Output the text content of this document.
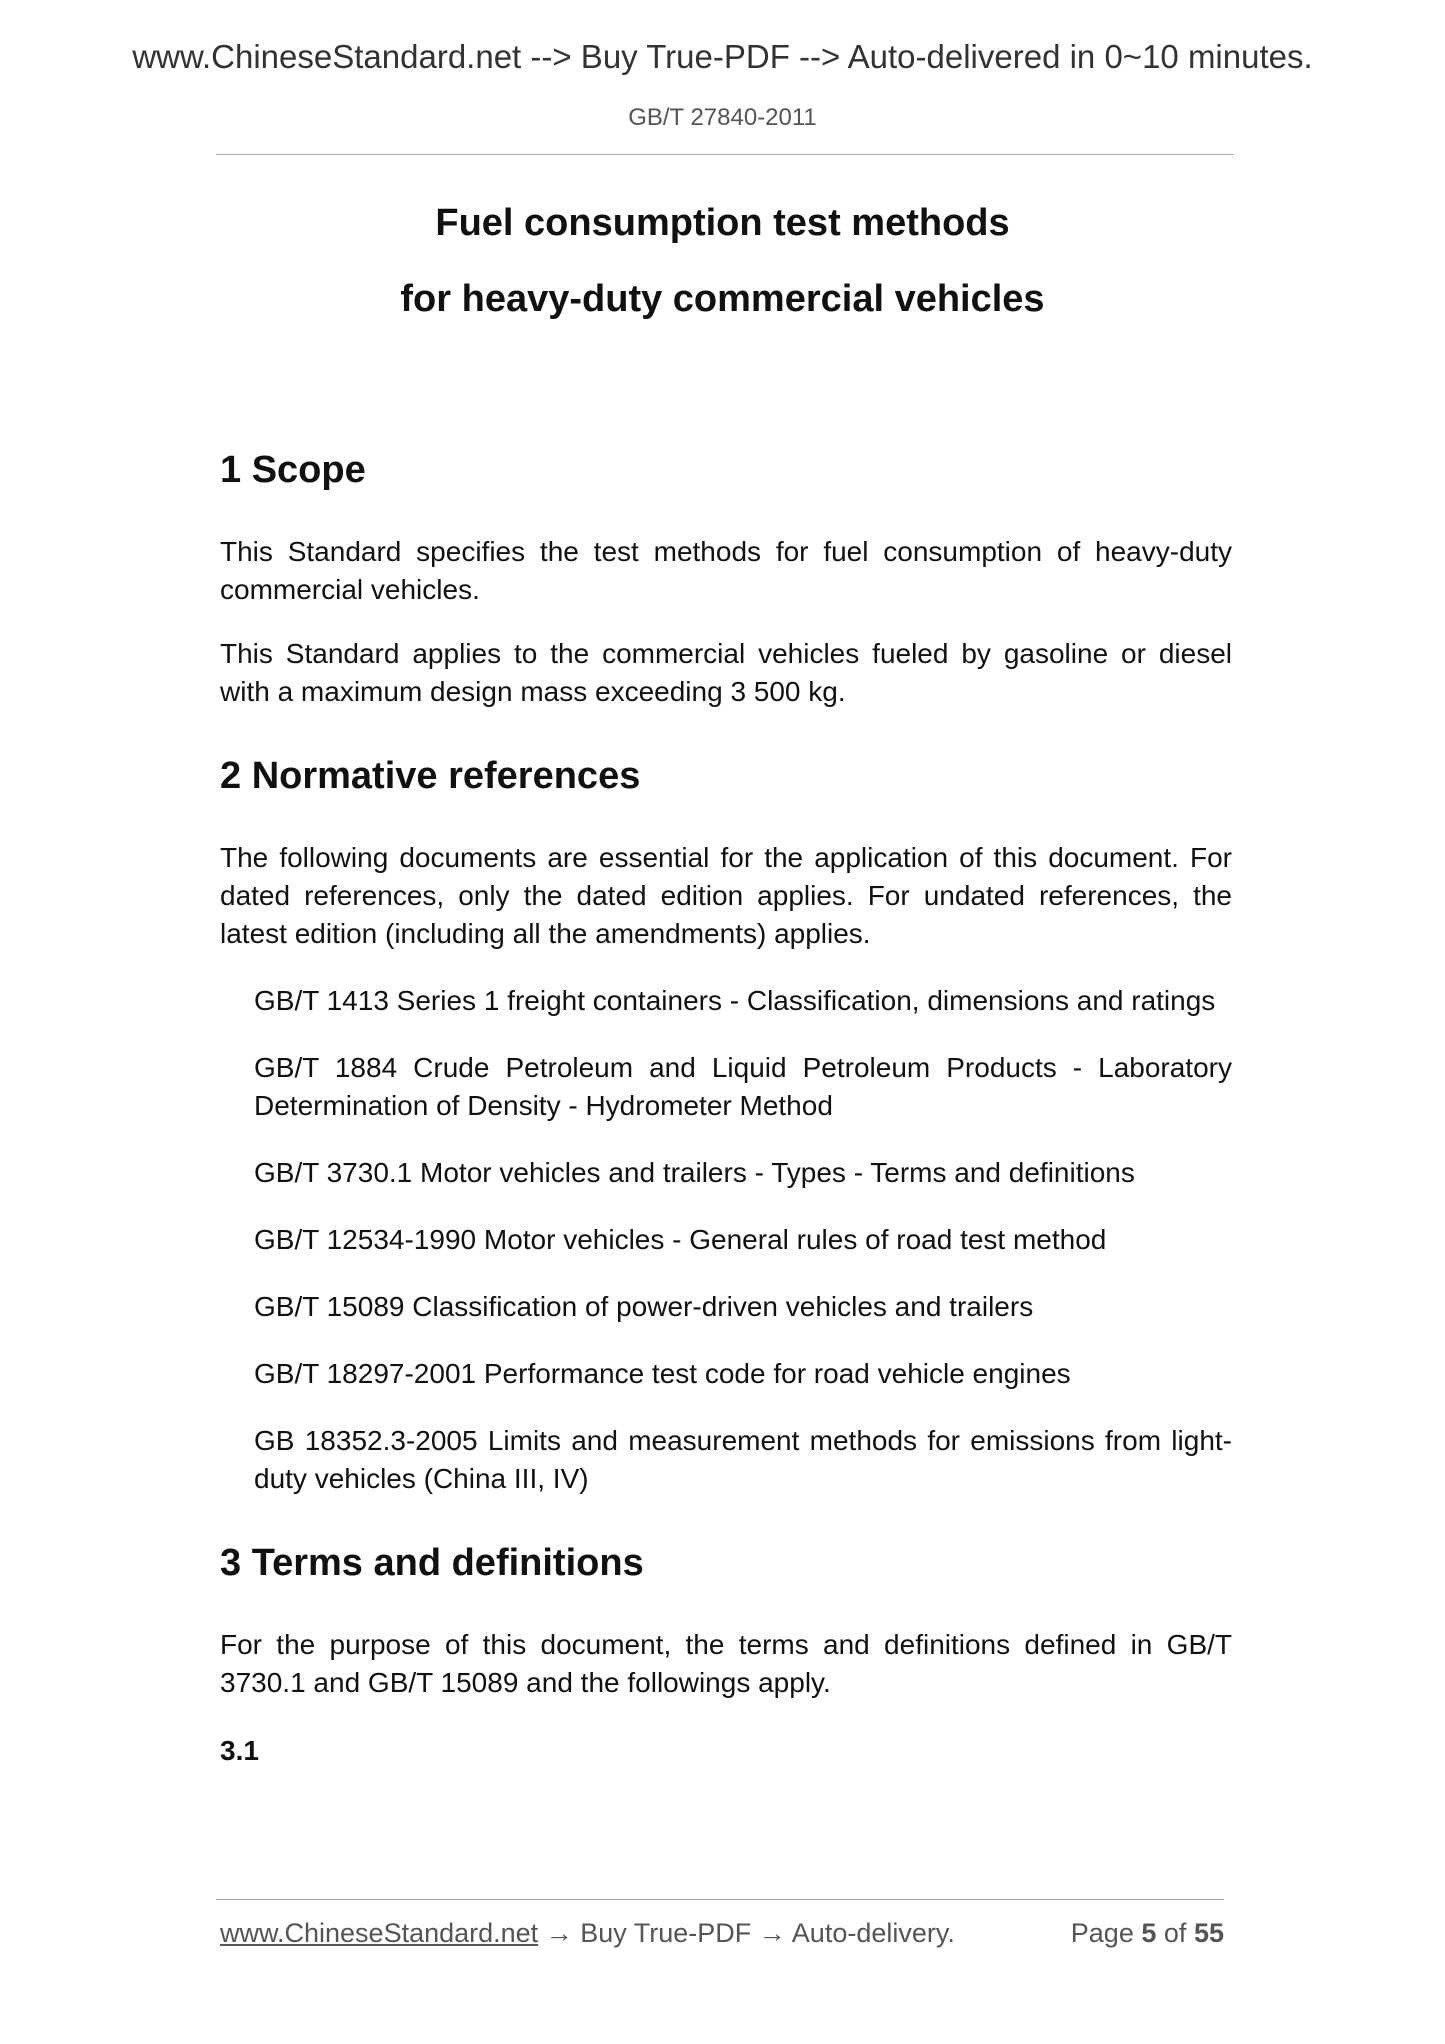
www.ChineseStandard.net --> Buy True-PDF --> Auto-delivered in 0~10 minutes.
GB/T 27840-2011
Fuel consumption test methods
for heavy-duty commercial vehicles
1 Scope

This Standard specifies the test methods for fuel consumption of heavy-duty commercial vehicles.

This Standard applies to the commercial vehicles fueled by gasoline or diesel with a maximum design mass exceeding 3 500 kg.

2 Normative references

The following documents are essential for the application of this document. For dated references, only the dated edition applies. For undated references, the latest edition (including all the amendments) applies.

GB/T 1413 Series 1 freight containers - Classification, dimensions and ratings

GB/T 1884 Crude Petroleum and Liquid Petroleum Products - Laboratory Determination of Density - Hydrometer Method

GB/T 3730.1 Motor vehicles and trailers - Types - Terms and definitions

GB/T 12534-1990 Motor vehicles - General rules of road test method

GB/T 15089 Classification of power-driven vehicles and trailers

GB/T 18297-2001 Performance test code for road vehicle engines

GB 18352.3-2005 Limits and measurement methods for emissions from light-duty vehicles (China III, IV)

3 Terms and definitions

For the purpose of this document, the terms and definitions defined in GB/T 3730.1 and GB/T 15089 and the followings apply.

3.1
www.ChineseStandard.net → Buy True-PDF → Auto-delivery.	Page 5 of 55
